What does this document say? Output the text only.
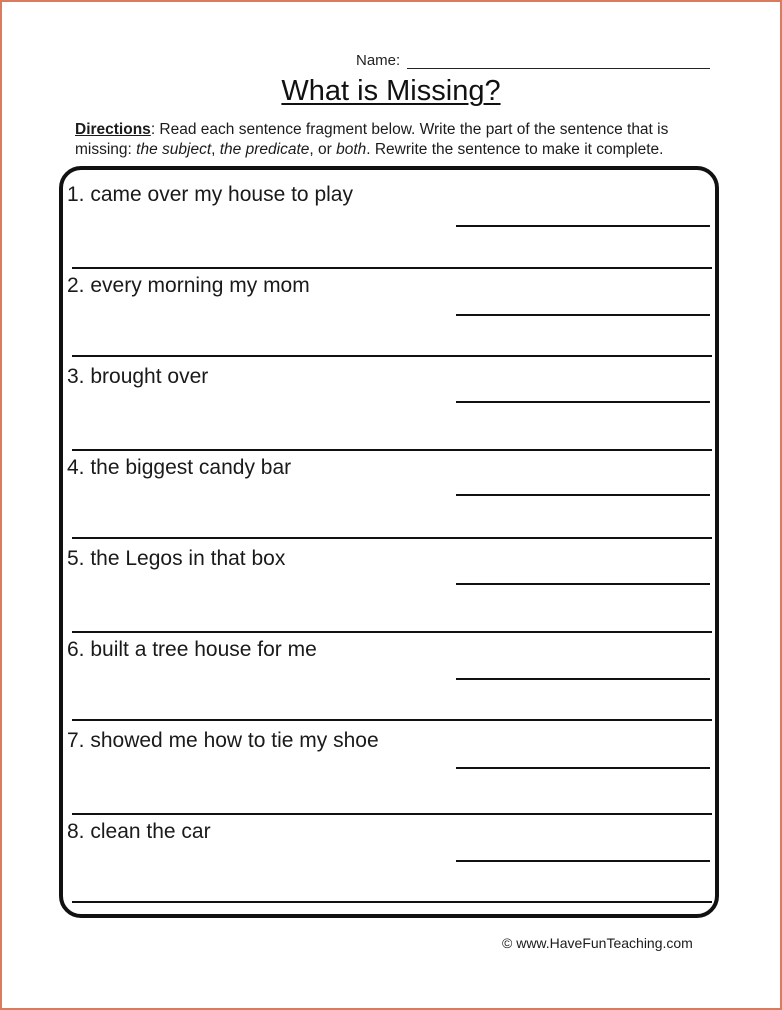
Name:
What is Missing?
Directions: Read each sentence fragment below. Write the part of the sentence that is missing: the subject, the predicate, or both. Rewrite the sentence to make it complete.
1. came over my house to play
2. every morning my mom
3. brought over
4. the biggest candy bar
5. the Legos in that box
6. built a tree house for me
7. showed me how to tie my shoe
8. clean the car
© www.HaveFunTeaching.com
